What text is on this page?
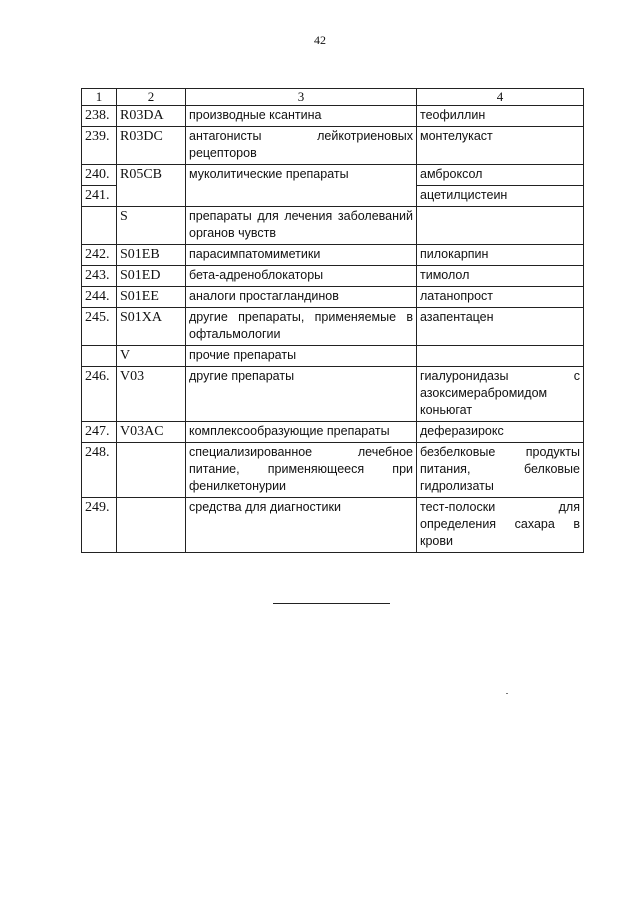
42
1	2	3	4
238.	R03DA	производные ксантина	теофиллин
239.	R03DC	антагонисты лейкотриеновых рецепторов	монтелукаст
240.	R05CB	муколитические препараты	амброксол
241.			ацетилцистеин
	S	препараты для лечения заболеваний органов чувств	
242.	S01EB	парасимпатомиметики	пилокарпин
243.	S01ED	бета-адреноблокаторы	тимолол
244.	S01EE	аналоги простагландинов	латанопрост
245.	S01XA	другие препараты, применяемые в офтальмологии	азапентацен
	V	прочие препараты	
246.	V03	другие препараты	гиалуронидазы с азоксимерабромидом коньюгат
247.	V03AC	комплексообразующие препараты	деферазирокс
248.		специализированное лечебное питание, применяющееся при фенилкетонурии	безбелковые продукты питания, белковые гидролизаты
249.		средства для диагностики	тест-полоски для определения сахара в крови
